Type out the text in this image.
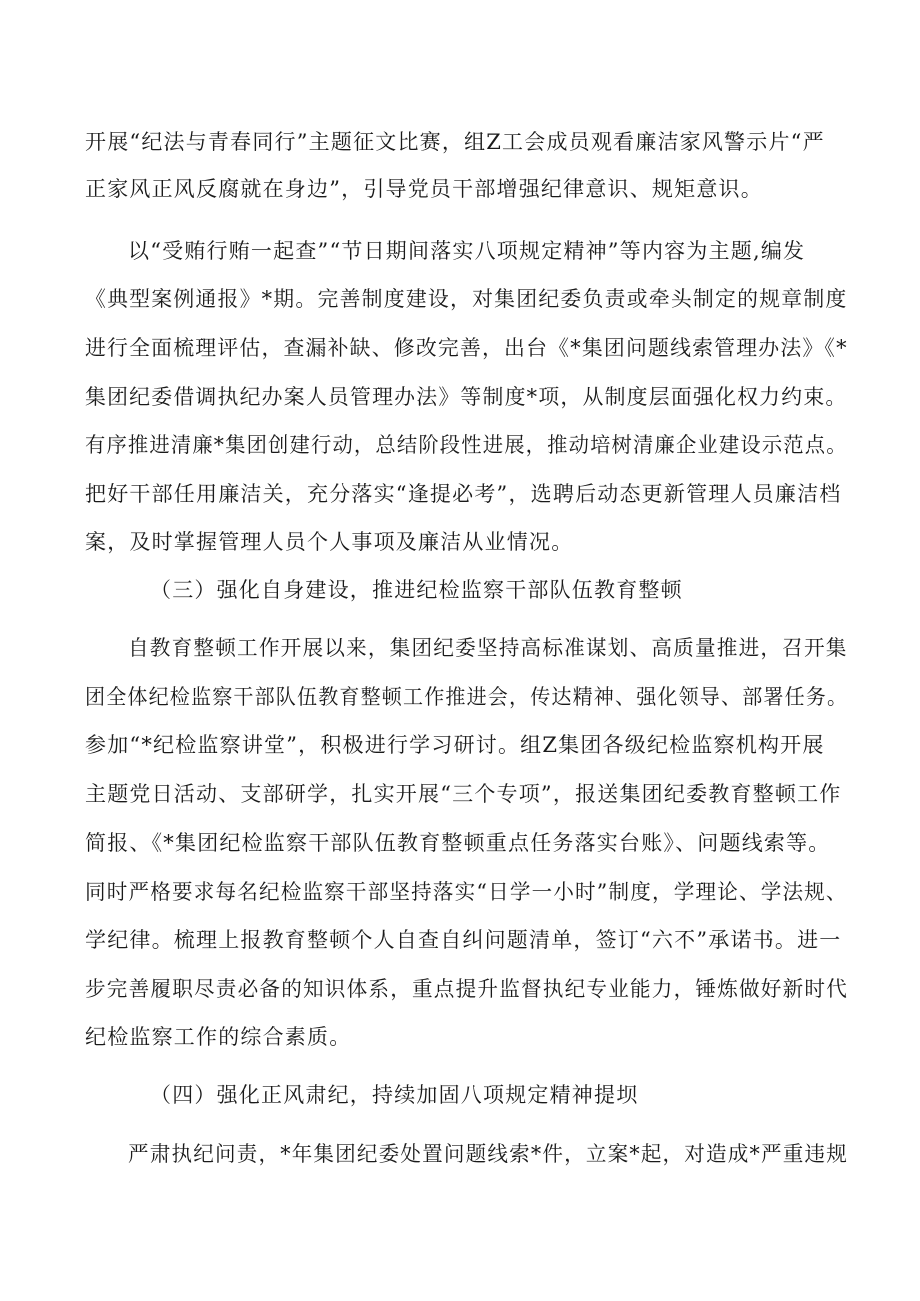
开展“纪法与青春同行”主题征文比赛，组Z工会成员观看廉洁家风警示片“严
正家风正风反腐就在身边”，引导党员干部增强纪律意识、规矩意识。
以“受贿行贿一起查”“节日期间落实八项规定精神”等内容为主题,编发
《典型案例通报》*期。完善制度建设，对集团纪委负责或牵头制定的规章制度
进行全面梳理评估，查漏补缺、修改完善，出台《*集团问题线索管理办法》《*
集团纪委借调执纪办案人员管理办法》等制度*项，从制度层面强化权力约束。
有序推进清廉*集团创建行动，总结阶段性进展，推动培树清廉企业建设示范点。
把好干部任用廉洁关，充分落实“逢提必考”，选聘后动态更新管理人员廉洁档
案，及时掌握管理人员个人事项及廉洁从业情况。
（三）强化自身建设，推进纪检监察干部队伍教育整顿
自教育整顿工作开展以来，集团纪委坚持高标准谋划、高质量推进，召开集
团全体纪检监察干部队伍教育整顿工作推进会，传达精神、强化领导、部署任务。
参加“*纪检监察讲堂”，积极进行学习研讨。组Z集团各级纪检监察机构开展
主题党日活动、支部研学，扎实开展“三个专项”，报送集团纪委教育整顿工作
简报、《*集团纪检监察干部队伍教育整顿重点任务落实台账》、问题线索等。
同时严格要求每名纪检监察干部坚持落实“日学一小时”制度，学理论、学法规、
学纪律。梳理上报教育整顿个人自查自纠问题清单，签订“六不”承诺书。进一
步完善履职尽责必备的知识体系，重点提升监督执纪专业能力，锤炼做好新时代
纪检监察工作的综合素质。
（四）强化正风肃纪，持续加固八项规定精神提坝
严肃执纪问责，*年集团纪委处置问题线索*件，立案*起，对造成*严重违规
